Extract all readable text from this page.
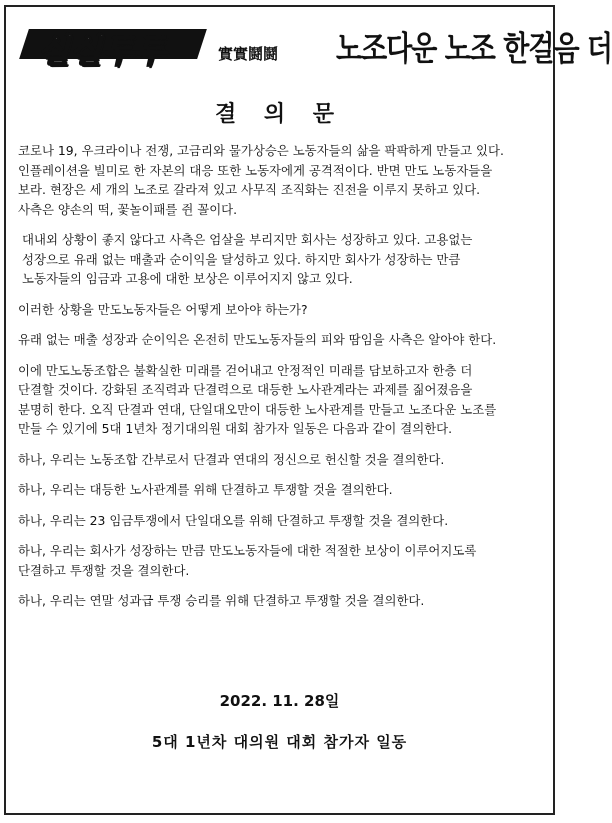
실실투투	實實鬪鬪 노조다운 노조 한걸음 더
결 의 문
코로나 19, 우크라이나 전쟁, 고금리와 물가상승은 노동자들의 삶을 팍팍하게 만들고 있다.
인플레이션을 빌미로 한 자본의 대응 또한 노동자에게 공격적이다. 반면 만도 노동자들을
보라. 현장은 세 개의 노조로 갈라져 있고 사무직 조직화는 진전을 이루지 못하고 있다.
사측은 양손의 떡, 꽃놀이패를 쥔 꼴이다.
대내외 상황이 좋지 않다고 사측은 엄살을 부리지만 회사는 성장하고 있다. 고용없는
성장으로 유래 없는 매출과 순이익을 달성하고 있다. 하지만 회사가 성장하는 만큼
노동자들의 임금과 고용에 대한 보상은 이루어지지 않고 있다.
이러한 상황을 만도노동자들은 어떻게 보아야 하는가?
유래 없는 매출 성장과 순이익은 온전히 만도노동자들의 피와 땀임을 사측은 알아야 한다.
이에 만도노동조합은 불확실한 미래를 걷어내고 안정적인 미래를 담보하고자 한층 더
단결할 것이다. 강화된 조직력과 단결력으로 대등한 노사관계라는 과제를 짊어졌음을
분명히 한다. 오직 단결과 연대, 단일대오만이 대등한 노사관계를 만들고 노조다운 노조를
만들 수 있기에 5대 1년차 정기대의원 대회 참가자 일동은 다음과 같이 결의한다.
하나, 우리는 노동조합 간부로서 단결과 연대의 정신으로 헌신할 것을 결의한다.
하나, 우리는 대등한 노사관계를 위해 단결하고 투쟁할 것을 결의한다.
하나, 우리는 23 임금투쟁에서 단일대오를 위해 단결하고 투쟁할 것을 결의한다.
하나, 우리는 회사가 성장하는 만큼 만도노동자들에 대한 적절한 보상이 이루어지도록
단결하고 투쟁할 것을 결의한다.
하나, 우리는 연말 성과급 투쟁 승리를 위해 단결하고 투쟁할 것을 결의한다.
2022. 11. 28일
5대 1년차 대의원 대회 참가자 일동
